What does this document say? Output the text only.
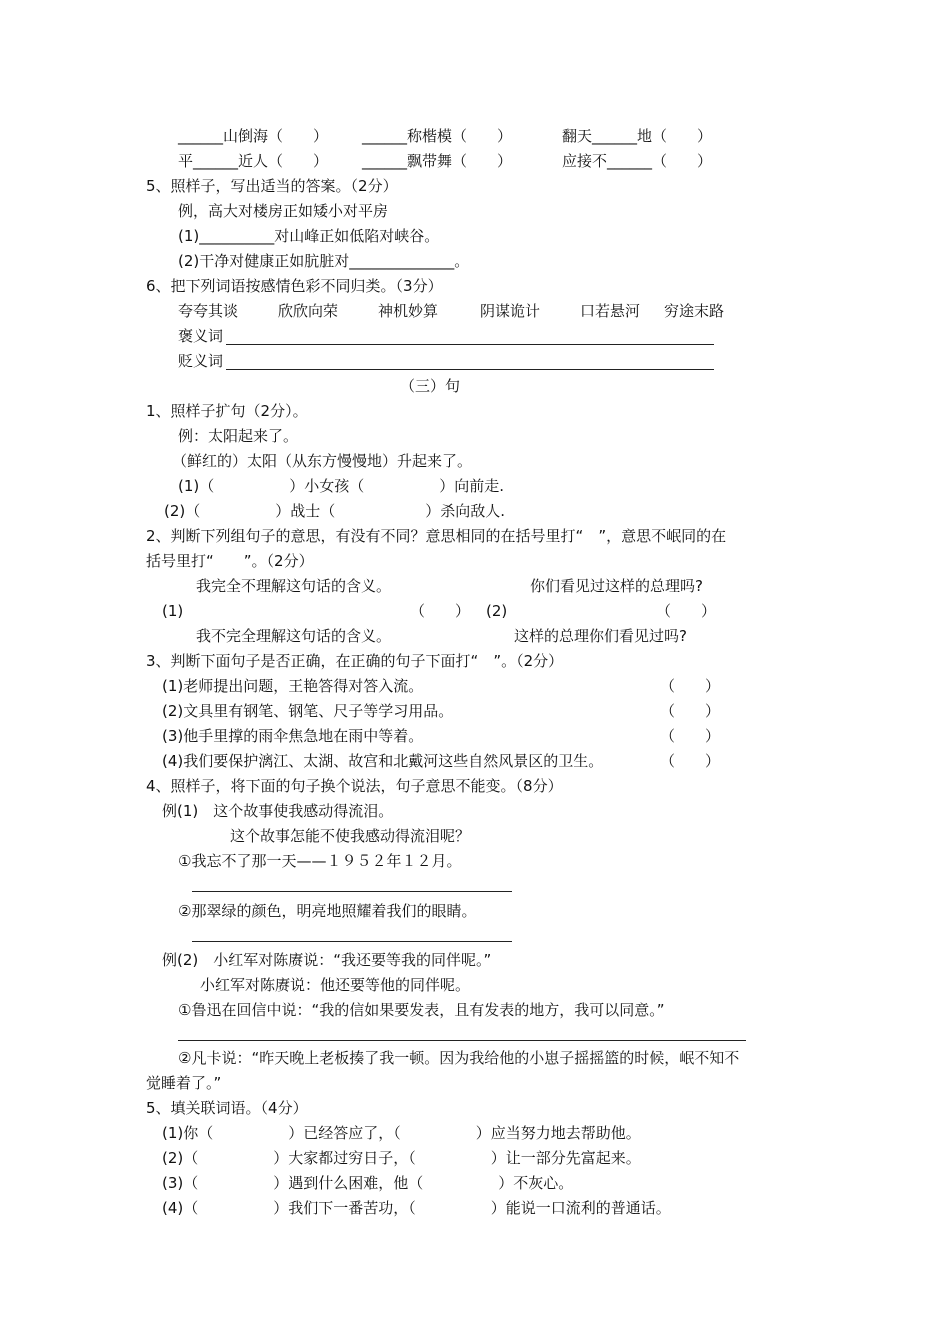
______山倒海（　　） ______称楷模（　　）	翻天______地（　　）
平______近人（　　） ______飘带舞（　　）	应接不______（　　）
5、照样子，写出适当的答案。（2分）
例，高大对楼房正如矮小对平房
(1)__________对山峰正如低陷对峡谷。
(2)干净对健康正如肮脏对______________。
6、把下列词语按感情色彩不同归类。（3分）
夸夸其谈	欣欣向荣	神机妙算	阴谋诡计	口若悬河 穷途末路
褒义词
贬义词
（三）句
1、照样子扩句（2分）。
例：太阳起来了。
（鲜红的）太阳（从东方慢慢地）升起来了。
(1)（　　　　　）小女孩（　　　　　）向前走.
(2)（　　　　　）战士（　　　　　　）杀向敌人.
2、判断下列组句子的意思，有没有不同？意思相同的在括号里打“　”，意思不岷同的在
括号里打“　　”。（2分）
我完全不理解这句话的含义。	你们看见过这样的总理吗?
(1)	（　　） (2)	（　　）
我不完全理解这句话的含义。	这样的总理你们看见过吗?
3、判断下面句子是否正确，在正确的句子下面打“　”。（2分）
(1)老师提出问题，王艳答得对答入流。	（　　）
(2)文具里有钢笔、钢笔、尺子等学习用品。	（　　）
(3)他手里撑的雨伞焦急地在雨中等着。	（　　）
(4)我们要保护漓江、太湖、故宫和北戴河这些自然风景区的卫生。	（　　）
4、照样子，将下面的句子换个说法，句子意思不能变。（8分）
例(1)　这个故事使我感动得流泪。
这个故事怎能不使我感动得流泪呢？
①我忘不了那一天——１９５２年１２月。
②那翠绿的颜色，明亮地照耀着我们的眼睛。
例(2)　小红军对陈赓说：“我还要等我的同伴呢。”
小红军对陈赓说：他还要等他的同伴呢。
①鲁迅在回信中说：“我的信如果要发表，且有发表的地方，我可以同意。”
②凡卡说：“昨天晚上老板揍了我一顿。因为我给他的小崽子摇摇篮的时候，岷不知不
觉睡着了。”
5、填关联词语。（4分）
(1)你（　　　　　）已经答应了，（　　　　　）应当努力地去帮助他。
(2)（　　　　　）大家都过穷日子，（　　　　　）让一部分先富起来。
(3)（　　　　　）遇到什么困难，他（　　　　　）不灰心。
(4)（　　　　　）我们下一番苦功，（　　　　　）能说一口流利的普通话。
